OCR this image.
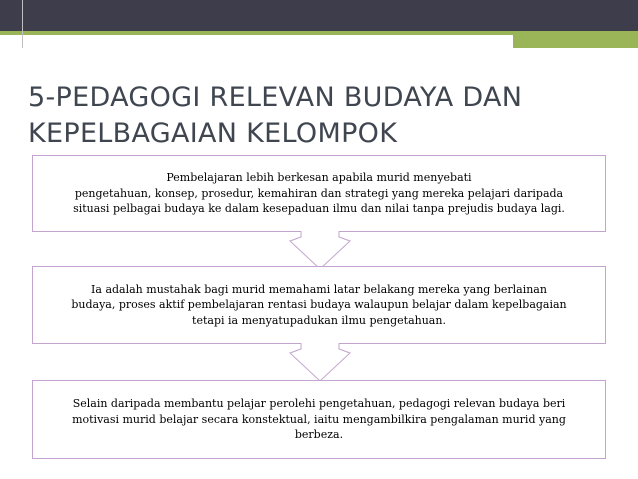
5-PEDAGOGI RELEVAN BUDAYA DAN
KEPELBAGAIAN KELOMPOK
Pembelajaran lebih berkesan apabila murid menyebati
pengetahuan, konsep, prosedur, kemahiran dan strategi yang mereka pelajari daripada
situasi pelbagai budaya ke dalam kesepaduan ilmu dan nilai tanpa prejudis budaya lagi.
Ia adalah mustahak bagi murid memahami latar belakang mereka yang berlainan
budaya, proses aktif pembelajaran rentasi budaya walaupun belajar dalam kepelbagaian
tetapi ia menyatupadukan ilmu pengetahuan.
Selain daripada membantu pelajar perolehi pengetahuan, pedagogi relevan budaya beri
motivasi murid belajar secara konstektual, iaitu mengambilkira pengalaman murid yang
berbeza.
